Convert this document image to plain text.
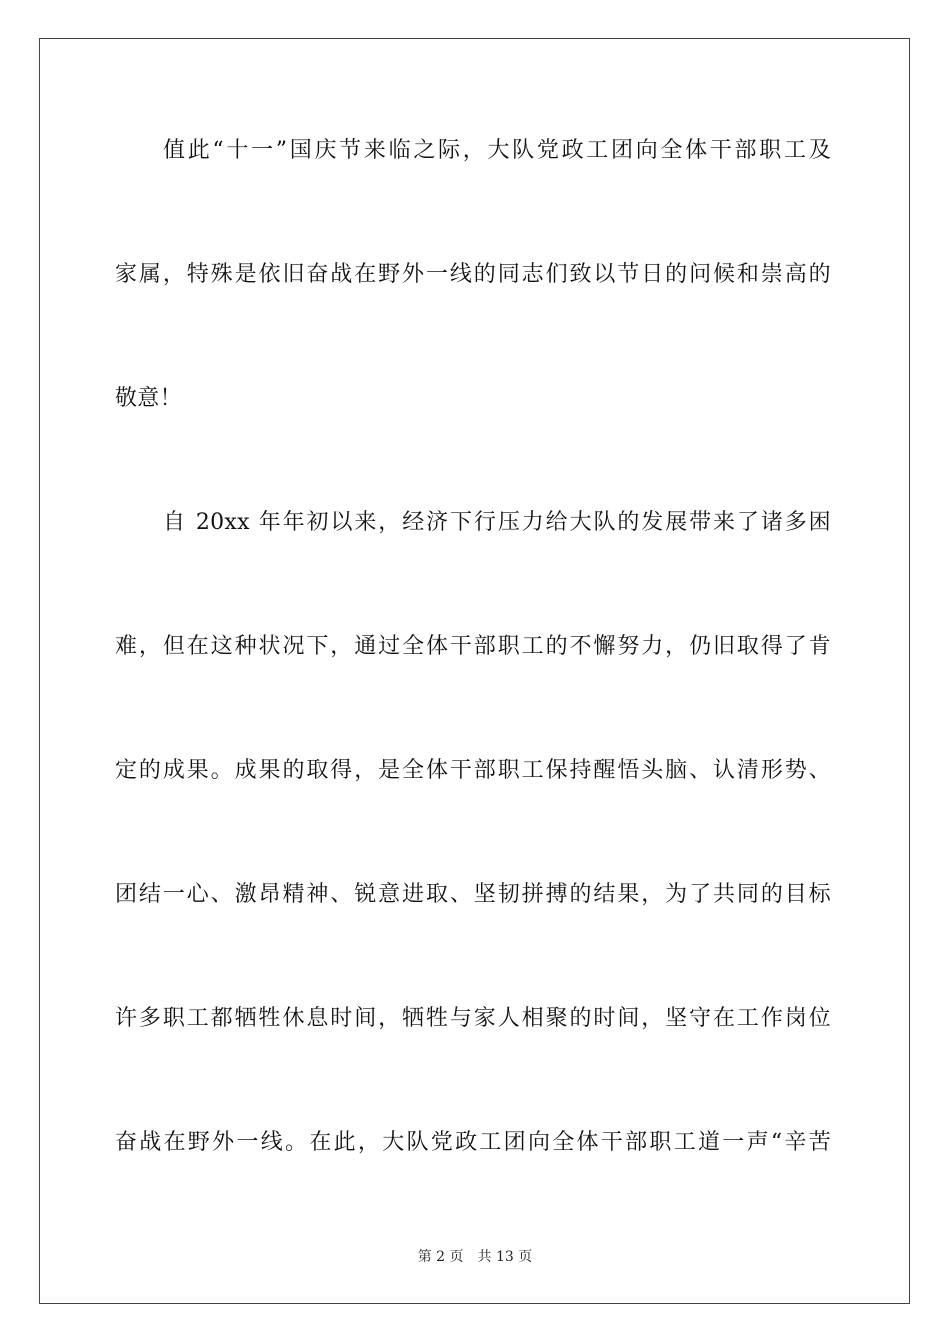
值此“十一”国庆节来临之际，大队党政工团向全体干部职工及
家属，特殊是依旧奋战在野外一线的同志们致以节日的问候和崇高的
敬意！
自 20xx 年年初以来，经济下行压力给大队的发展带来了诸多困
难，但在这种状况下，通过全体干部职工的不懈努力，仍旧取得了肯
定的成果。成果的取得，是全体干部职工保持醒悟头脑、认清形势、
团结一心、激昂精神、锐意进取、坚韧拼搏的结果，为了共同的目标
许多职工都牺牲休息时间，牺牲与家人相聚的时间，坚守在工作岗位
奋战在野外一线。在此，大队党政工团向全体干部职工道一声“辛苦
第 2 页 共 13 页
